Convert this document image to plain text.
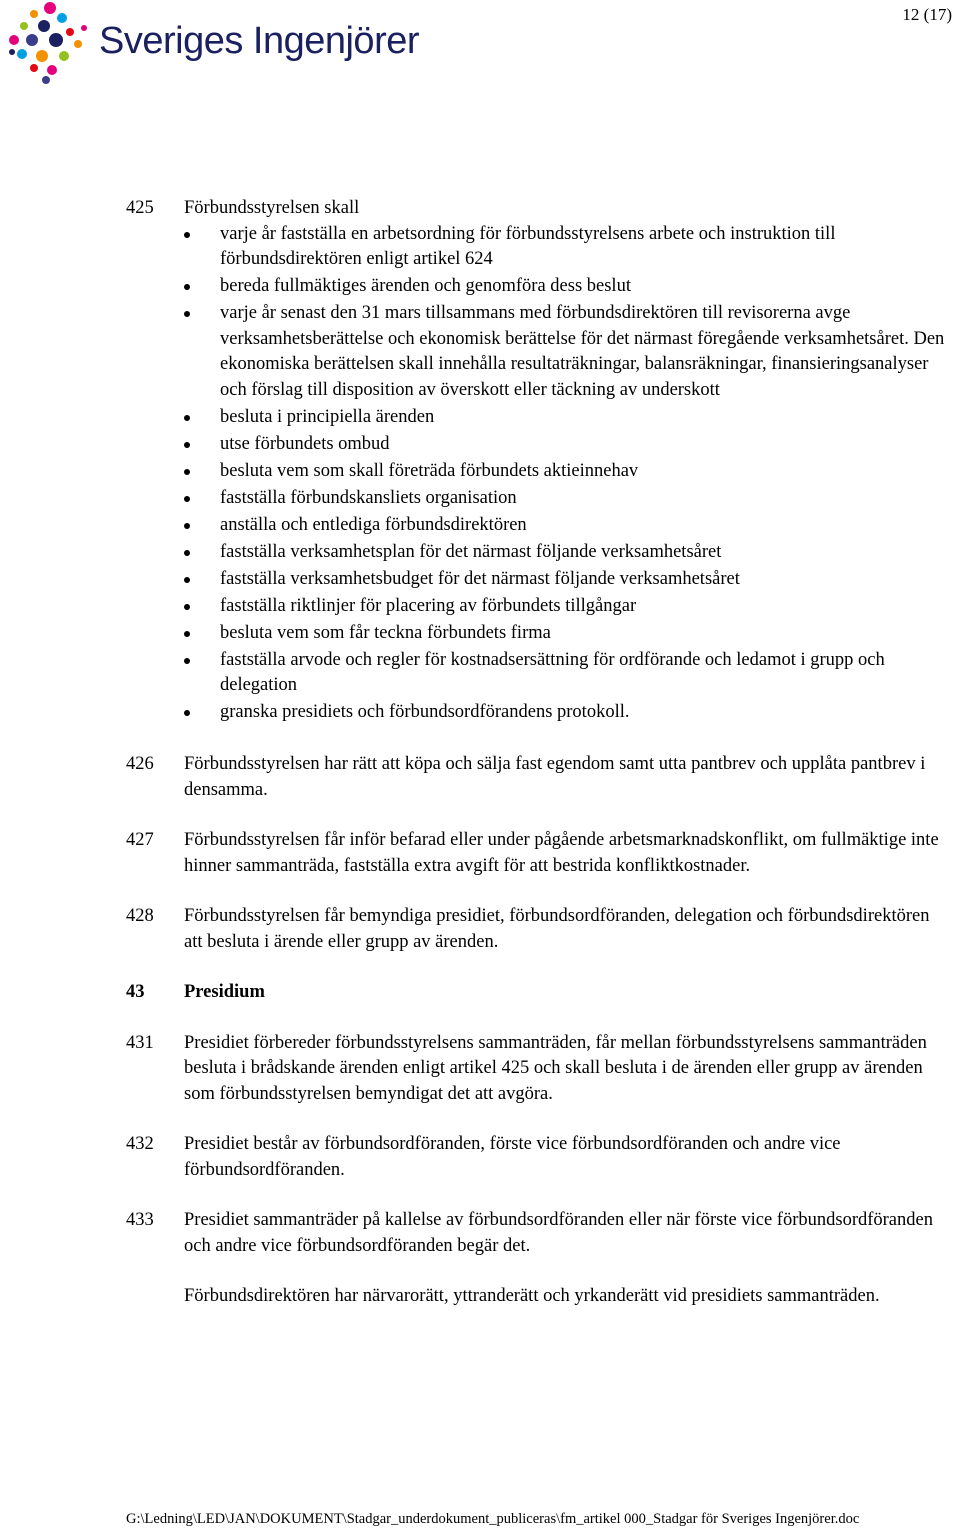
12 (17)
Sveriges Ingenjörer
425 Förbundsstyrelsen skall
varje år fastställa en arbetsordning för förbundsstyrelsens arbete och instruktion till förbundsdirektören enligt artikel 624
bereda fullmäktiges ärenden och genomföra dess beslut
varje år senast den 31 mars tillsammans med förbundsdirektören till revisorerna avge verksamhetsberättelse och ekonomisk berättelse för det närmast föregående verksamhetsåret. Den ekonomiska berättelsen skall innehålla resultaträkningar, balansräkningar, finansieringsanalyser och förslag till disposition av överskott eller täckning av underskott
besluta i principiella ärenden
utse förbundets ombud
besluta vem som skall företräda förbundets aktieinnehav
fastställa förbundskansliets organisation
anställa och entlediga förbundsdirektören
fastställa verksamhetsplan för det närmast följande verksamhetsåret
fastställa verksamhetsbudget för det närmast följande verksamhetsåret
fastställa riktlinjer för placering av förbundets tillgångar
besluta vem som får teckna förbundets firma
fastställa arvode och regler för kostnadsersättning för ordförande och ledamot i grupp och delegation
granska presidiets och förbundsordförandens protokoll.
426 Förbundsstyrelsen har rätt att köpa och sälja fast egendom samt utta pantbrev och upplåta pantbrev i densamma.
427 Förbundsstyrelsen får inför befarad eller under pågående arbetsmarknadskonflikt, om fullmäktige inte hinner sammanträda, fastställa extra avgift för att bestrida konfliktkostnader.
428 Förbundsstyrelsen får bemyndiga presidiet, förbundsordföranden, delegation och förbundsdirektören att besluta i ärende eller grupp av ärenden.
43 Presidium
431 Presidiet förbereder förbundsstyrelsens sammanträden, får mellan förbundsstyrelsens sammanträden besluta i brådskande ärenden enligt artikel 425 och skall besluta i de ärenden eller grupp av ärenden som förbundsstyrelsen bemyndigat det att avgöra.
432 Presidiet består av förbundsordföranden, förste vice förbundsordföranden och andre vice förbundsordföranden.
433 Presidiet sammanträder på kallelse av förbundsordföranden eller när förste vice förbundsordföranden och andre vice förbundsordföranden begär det.
Förbundsdirektören har närvarorätt, yttranderätt och yrkanderätt vid presidiets sammanträden.
G:\Ledning\LED\JAN\DOKUMENT\Stadgar_underdokument_publiceras\fm_artikel 000_Stadgar för Sveriges Ingenjörer.doc
